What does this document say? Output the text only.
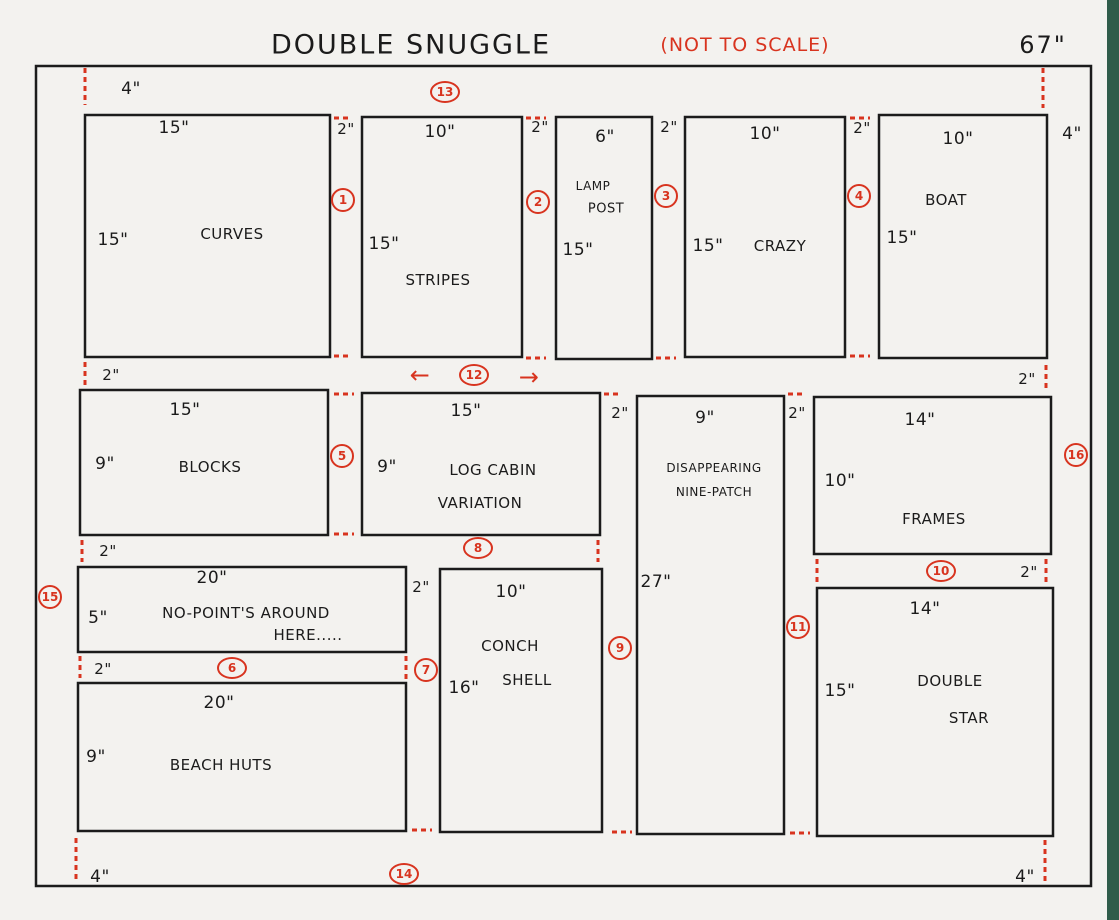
DOUBLE SNUGGLE	(NOT TO SCALE)	67"
4"
4"
4"	4"
15"
15"	CURVES
10"
15"
STRIPES
6"
LAMP
POST
15"
10"
15" CRAZY
10"
BOAT
15"
15"
9"	BLOCKS
15"
9"	LOG CABIN
VARIATION
9"
DISAPPEARING
NINE-PATCH
27"
14"
10"
FRAMES
20"
5"	NO-POINT'S AROUND
HERE.....
10"
CONCH
16" SHELL
20"
9"	BEACH HUTS
14"
15"	DOUBLE
STAR
2"	2"	2"	2"
2"	2"
2"	2"
2"
2"
2"
2"
←	→
1	2	3	4
5
6	7
8
9
10
11
12
13
14
15
16
